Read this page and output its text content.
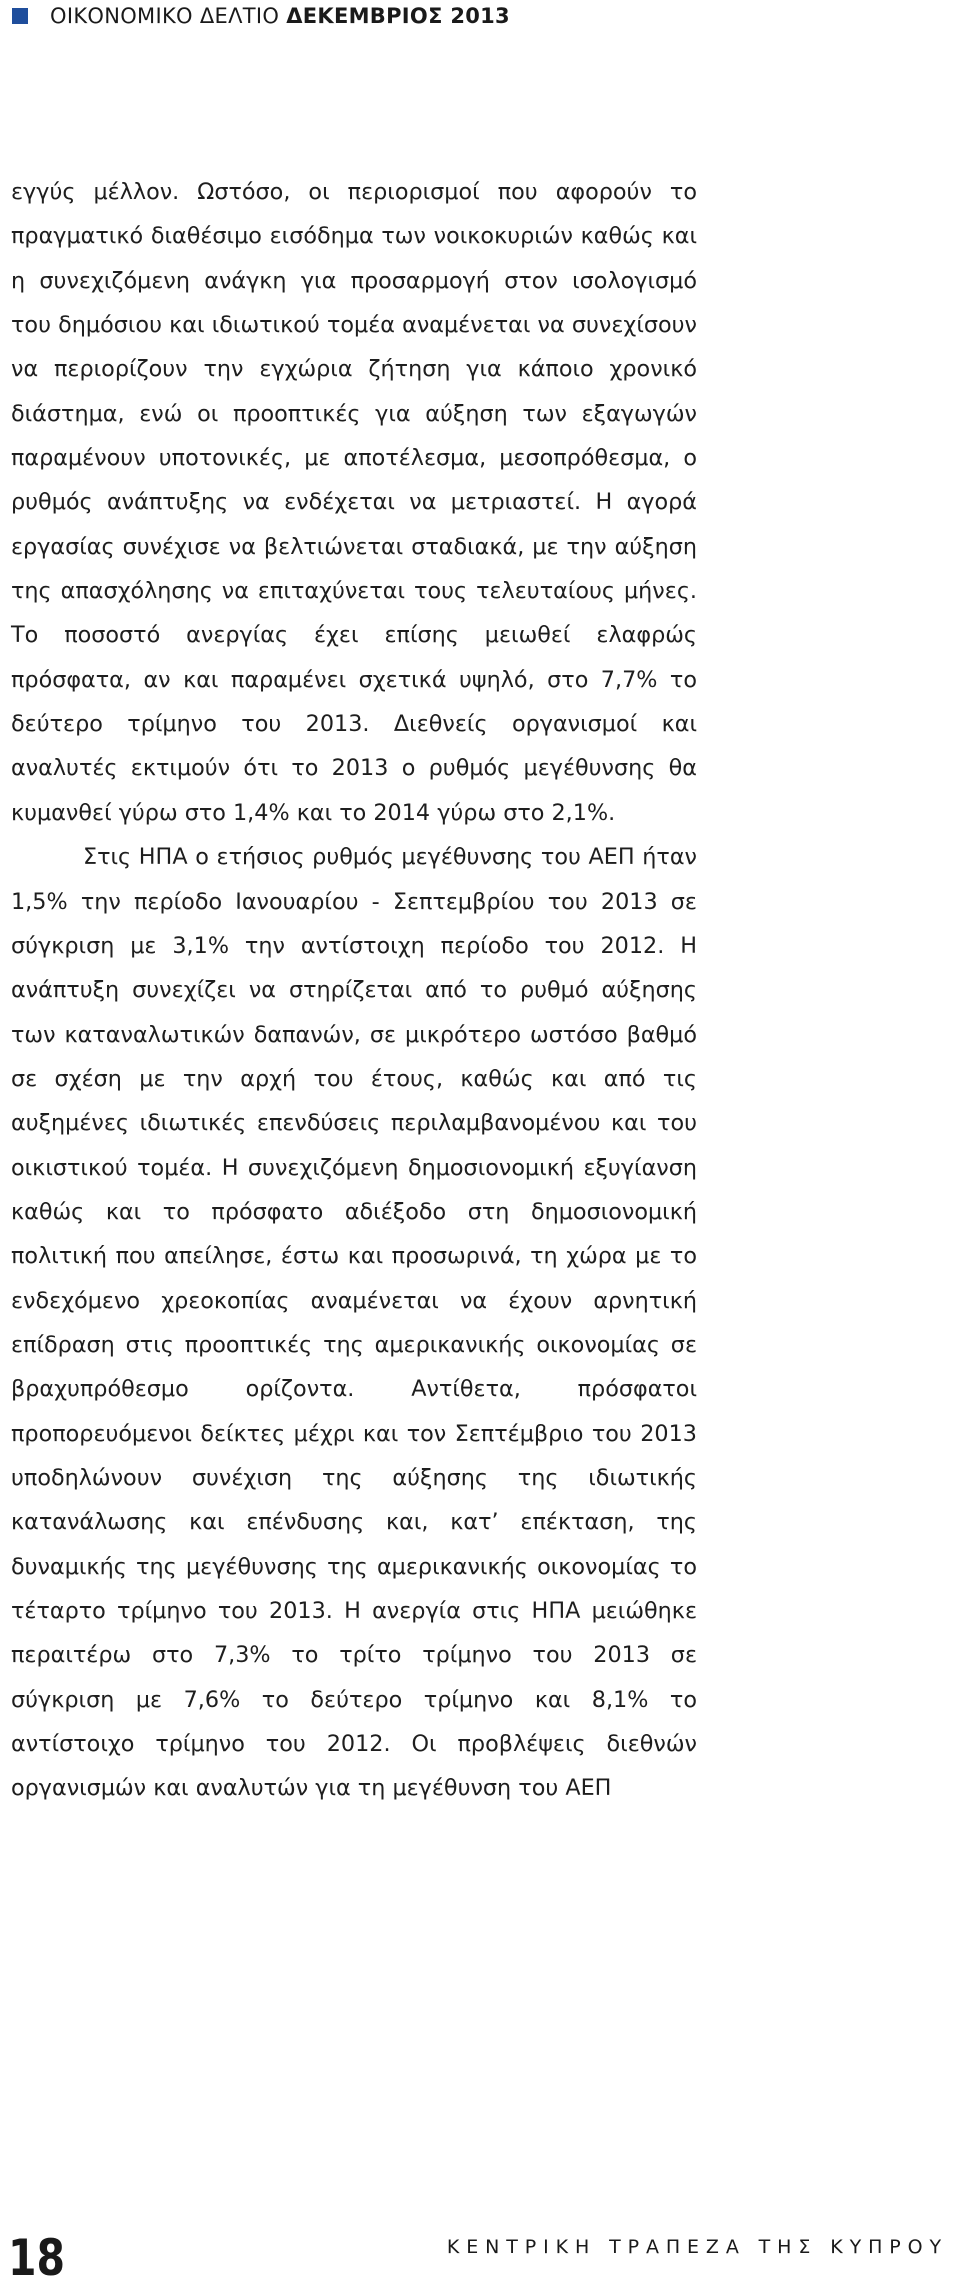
ΟΙΚΟΝΟΜΙΚΟ ΔΕΛΤΙΟ ΔΕΚΕΜΒΡΙΟΣ 2013

εγγύς μέλλον. Ωστόσο, οι περιορισμοί που αφορούν το πραγματικό διαθέσιμο εισόδημα των νοικοκυριών καθώς και η συνεχιζόμενη ανάγκη για προσαρμογή στον ισολογισμό του δημόσιου και ιδιωτικού τομέα αναμένεται να συνεχίσουν να περιορίζουν την εγχώρια ζήτηση για κάποιο χρονικό διάστημα, ενώ οι προοπτικές για αύξηση των εξαγωγών παραμένουν υποτονικές, με αποτέλεσμα, μεσοπρόθεσμα, ο ρυθμός ανάπτυξης να ενδέχεται να μετριαστεί. Η αγορά εργασίας συνέχισε να βελτιώνεται σταδιακά, με την αύξηση της απασχόλησης να επιταχύνεται τους τελευταίους μήνες. Το ποσοστό ανεργίας έχει επίσης μειωθεί ελαφρώς πρόσφατα, αν και παραμένει σχετικά υψηλό, στο 7,7% το δεύτερο τρίμηνο του 2013. Διεθνείς οργανισμοί και αναλυτές εκτιμούν ότι το 2013 ο ρυθμός μεγέθυνσης θα κυμανθεί γύρω στο 1,4% και το 2014 γύρω στο 2,1%.

Στις ΗΠΑ ο ετήσιος ρυθμός μεγέθυνσης του ΑΕΠ ήταν 1,5% την περίοδο Ιανουαρίου - Σεπτεμβρίου του 2013 σε σύγκριση με 3,1% την αντίστοιχη περίοδο του 2012. Η ανάπτυξη συνεχίζει να στηρίζεται από το ρυθμό αύξησης των καταναλωτικών δαπανών, σε μικρότερο ωστόσο βαθμό σε σχέση με την αρχή του έτους, καθώς και από τις αυξημένες ιδιωτικές επενδύσεις περιλαμβανομένου και του οικιστικού τομέα. Η συνεχιζόμενη δημοσιονομική εξυγίανση καθώς και το πρόσφατο αδιέξοδο στη δημοσιονομική πολιτική που απείλησε, έστω και προσωρινά, τη χώρα με το ενδεχόμενο χρεοκοπίας αναμένεται να έχουν αρνητική επίδραση στις προοπτικές της αμερικανικής οικονομίας σε βραχυπρόθεσμο ορίζοντα. Αντίθετα, πρόσφατοι προπορευόμενοι δείκτες μέχρι και τον Σεπτέμβριο του 2013 υποδηλώνουν συνέχιση της αύξησης της ιδιωτικής κατανάλωσης και επένδυσης και, κατ’ επέκταση, της δυναμικής της μεγέθυνσης της αμερικανικής οικονομίας το τέταρτο τρίμηνο του 2013. Η ανεργία στις ΗΠΑ μειώθηκε περαιτέρω στο 7,3% το τρίτο τρίμηνο του 2013 σε σύγκριση με 7,6% το δεύτερο τρίμηνο και 8,1% το αντίστοιχο τρίμηνο του 2012. Οι προβλέψεις διεθνών οργανισμών και αναλυτών για τη μεγέθυνση του ΑΕΠ

18	ΚΕΝΤΡΙΚΗ ΤΡΑΠΕΖΑ ΤΗΣ ΚΥΠΡΟΥ
